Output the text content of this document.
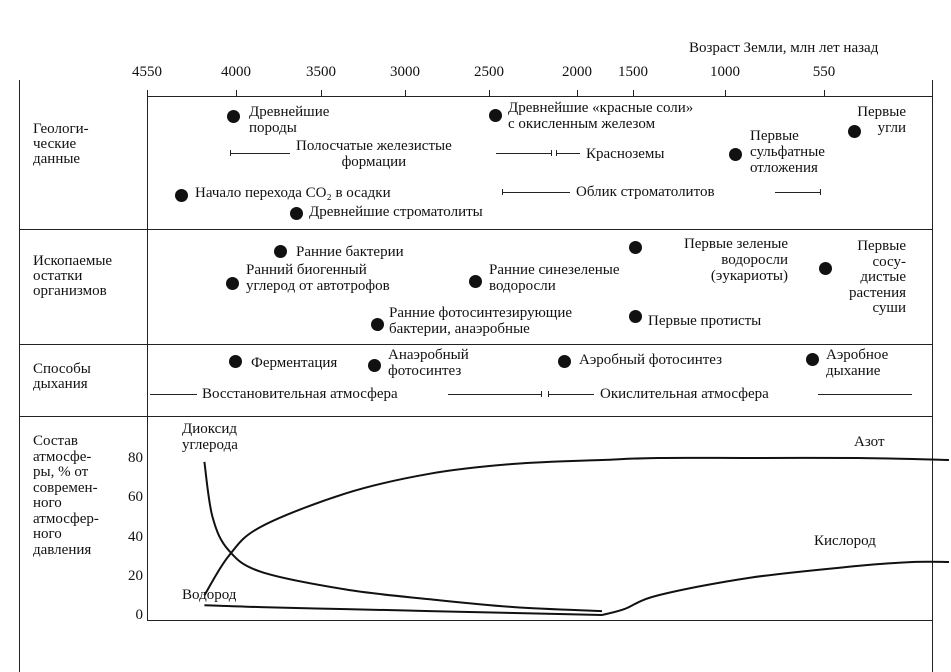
Возраст Земли, млн лет назад
4550	4000	3500	3000	2500	2000	1500	1000	550
Геологи-
ческие
данные
Ископаемые
остатки
организмов
Способы
дыхания
Состав
атмосфе-
ры, % от
современ-
ного
атмосфер-
ного
давления
Древнейшие
породы
Древнейшие «красные соли»
с окисленным железом
Первые
угли
Полосчатые железистые
формации	Красноземы
Первые
сульфатные
отложения
Начало перехода CO₂ в осадки	Облик строматолитов
Древнейшие строматолиты
Ранние бактерии
Ранний биогенный
углерод от автотрофов
Ранние синезеленые
водоросли
Первые зеленые
водоросли
(эукариоты)
Первые
сосу-
дистые
растения
суши
Ранние фотосинтезирующие
бактерии, анаэробные	Первые протисты
Ферментация	Анаэробный
фотосинтез
Аэробный фотосинтез	Аэробное
дыхание
Восстановительная атмосфера	Окислительная атмосфера
80
60
40
20
0
Диоксид
углерода	Азот
Кислород
Водород
